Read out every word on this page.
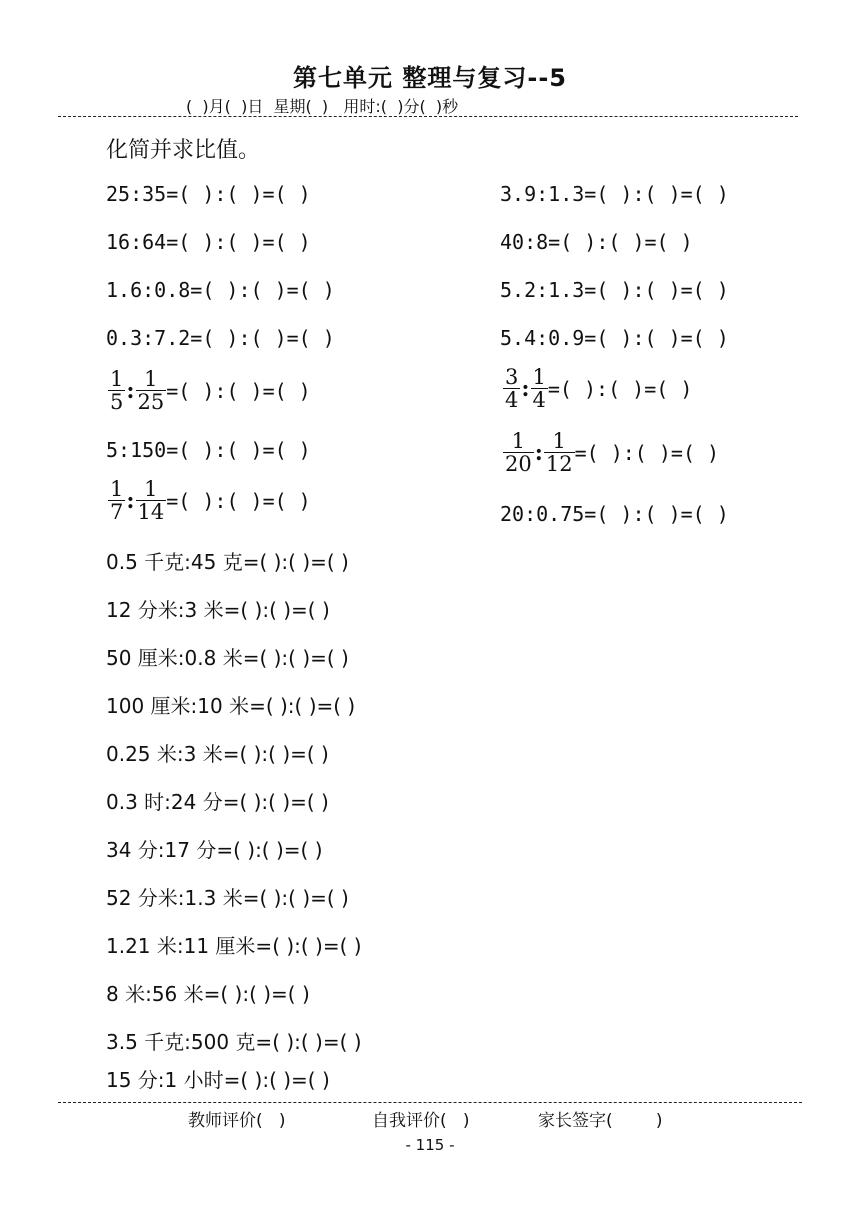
第七单元 整理与复习--5
(  )月(  )日  星期(  )   用时:(  )分(  )秒
化简并求比值。
25:35=( ):( )=( )
16:64=( ):( )=( )
1.6:0.8=( ):( )=( )
0.3:7.2=( ):( )=( )
3.9:1.3=( ):( )=( )
40:8=( ):( )=( )
5.2:1.3=( ):( )=( )
5.4:0.9=( ):( )=( )
$\frac{1}{5}$ : $\frac{1}{25}$ =( ):( )=( )
5:150=( ):( )=( )
$\frac{1}{7}$ : $\frac{1}{14}$ =( ):( )=( )
$\frac{3}{4}$ : $\frac{1}{4}$ =( ):( )=( )
$\frac{1}{20}$ : $\frac{1}{12}$ =( ):( )=( )
20:0.75=( ):( )=( )
0.5 千克:45 克=( ):( )=( )
12 分米:3 米=( ):( )=( )
50 厘米:0.8 米=( ):( )=( )
100 厘米:10 米=( ):( )=( )
0.25 米:3 米=( ):( )=( )
0.3 时:24 分=( ):( )=( )
34 分:17 分=( ):( )=( )
52 分米:1.3 米=( ):( )=( )
1.21 米:11 厘米=( ):( )=( )
8 米:56 米=( ):( )=( )
3.5 千克:500 克=( ):( )=( )
15 分:1 小时=( ):( )=( )
教师评价(   )	自我评价(   )	家长签字(        )
- 115 -
